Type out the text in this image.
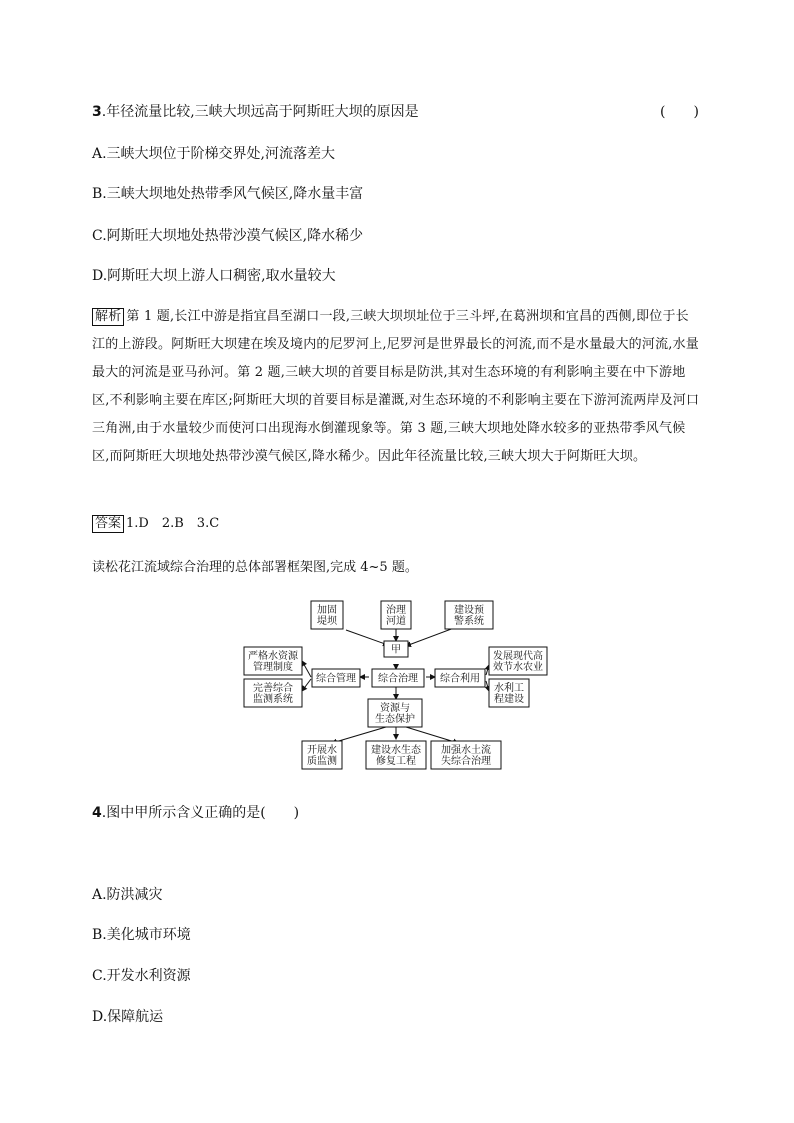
3.年径流量比较,三峡大坝远高于阿斯旺大坝的原因是	(　　)
A.三峡大坝位于阶梯交界处,河流落差大
B.三峡大坝地处热带季风气候区,降水量丰富
C.阿斯旺大坝地处热带沙漠气候区,降水稀少
D.阿斯旺大坝上游人口稠密,取水量较大
解析 第 1 题,长江中游是指宜昌至湖口一段,三峡大坝坝址位于三斗坪,在葛洲坝和宜昌的西侧,即位于长江的上游段。阿斯旺大坝建在埃及境内的尼罗河上,尼罗河是世界最长的河流,而不是水量最大的河流,水量最大的河流是亚马孙河。第 2 题,三峡大坝的首要目标是防洪,其对生态环境的有利影响主要在中下游地区,不利影响主要在库区;阿斯旺大坝的首要目标是灌溉,对生态环境的不利影响主要在下游河流两岸及河口三角洲,由于水量较少而使河口出现海水倒灌现象等。第 3 题,三峡大坝地处降水较多的亚热带季风气候区,而阿斯旺大坝地处热带沙漠气候区,降水稀少。因此年径流量比较,三峡大坝大于阿斯旺大坝。
答案 1.D　2.B　3.C
读松花江流域综合治理的总体部署框架图,完成 4~5 题。
加固
堤坝
治理
河道
建设预
警系统
甲
综合治理
综合管理
严格水资源
管理制度
完善综合
监测系统
综合利用
发展现代高
效节水农业
水利工
程建设
资源与
生态保护
开展水
质监测
建设水生态
修复工程
加强水土流
失综合治理
4.图中甲所示含义正确的是(　　)
A.防洪减灾
B.美化城市环境
C.开发水利资源
D.保障航运
